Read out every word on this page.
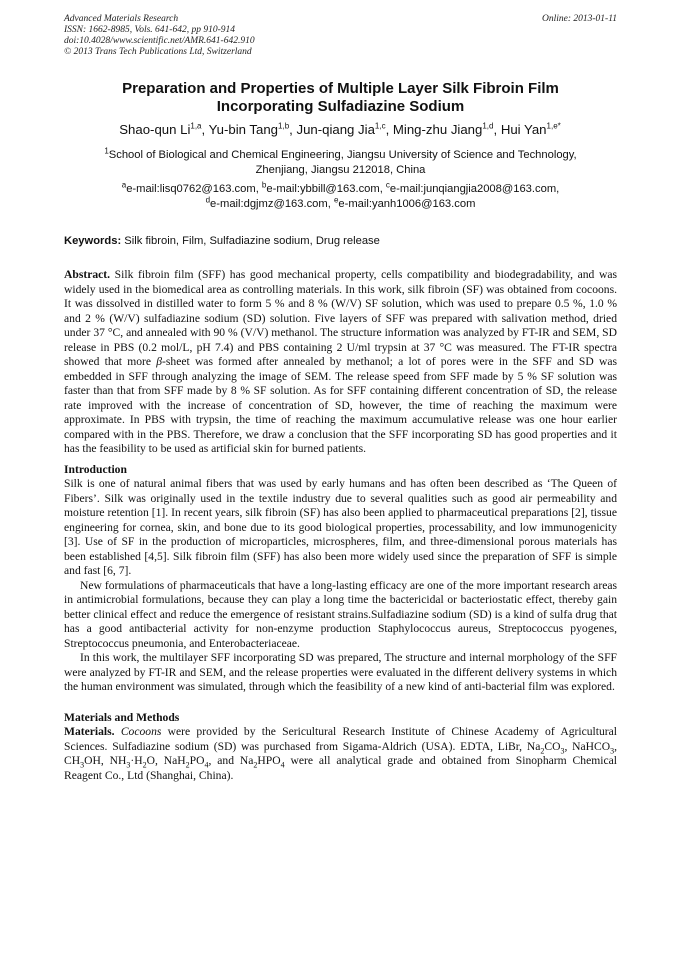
Advanced Materials Research
ISSN: 1662-8985, Vols. 641-642, pp 910-914
doi:10.4028/www.scientific.net/AMR.641-642.910
© 2013 Trans Tech Publications Ltd, Switzerland
Online: 2013-01-11
Preparation and Properties of Multiple Layer Silk Fibroin Film
Incorporating Sulfadiazine Sodium
Shao-qun Li$^{1,a}$, Yu-bin Tang$^{1,b}$, Jun-qiang Jia$^{1,c}$, Ming-zhu Jiang$^{1,d}$, Hui Yan$^{1,e*}$
$^1$School of Biological and Chemical Engineering, Jiangsu University of Science and Technology,
Zhenjiang, Jiangsu 212018, China
$^a$e-mail:lisq0762@163.com, $^b$e-mail:ybbill@163.com, $^c$e-mail:junqiangjia2008@163.com,
$^d$e-mail:dgjmz@163.com, $^e$e-mail:yanh1006@163.com
Keywords: Silk fibroin, Film, Sulfadiazine sodium, Drug release

Abstract. Silk fibroin film (SFF) has good mechanical property, cells compatibility and biodegradability, and was widely used in the biomedical area as controlling materials. In this work, silk fibroin (SF) was obtained from cocoons. It was dissolved in distilled water to form 5 % and 8 % (W/V) SF solution, which was used to prepare 0.5 %, 1.0 % and 2 % (W/V) sulfadiazine sodium (SD) solution. Five layers of SFF was prepared with salivation method, dried under 37 °C, and annealed with 90 % (V/V) methanol. The structure information was analyzed by FT-IR and SEM, SD release in PBS (0.2 mol/L, pH 7.4) and PBS containing 2 U/ml trypsin at 37 °C was measured. The FT-IR spectra showed that more β-sheet was formed after annealed by methanol; a lot of pores were in the SFF and SD was embedded in SFF through analyzing the image of SEM. The release speed from SFF made by 5 % SF solution was faster than that from SFF made by 8 % SF solution. As for SFF containing different concentration of SD, the release rate improved with the increase of concentration of SD, however, the time of reaching the maximum were approximate. In PBS with trypsin, the time of reaching the maximum accumulative release was one hour earlier compared with in the PBS. Therefore, we draw a conclusion that the SFF incorporating SD has good properties and it has the feasibility to be used as artificial skin for burned patients.

Introduction

Silk is one of natural animal fibers that was used by early humans and has often been described as ‘The Queen of Fibers’. Silk was originally used in the textile industry due to several qualities such as good air permeability and moisture retention [1]. In recent years, silk fibroin (SF) has also been applied to pharmaceutical preparations [2], tissue engineering for cornea, skin, and bone due to its good biological properties, processability, and low immunogenicity [3]. Use of SF in the production of microparticles, microspheres, film, and three-dimensional porous materials has been established [4,5]. Silk fibroin film (SFF) has also been more widely used since the preparation of SFF is simple and fast [6, 7].

New formulations of pharmaceuticals that have a long-lasting efficacy are one of the more important research areas in antimicrobial formulations, because they can play a long time the bactericidal or bacteriostatic effect, thereby gain better clinical effect and reduce the emergence of resistant strains.Sulfadiazine sodium (SD) is a kind of sulfa drug that has a good antibacterial activity for non-enzyme production Staphylococcus aureus, Streptococcus pyogenes, Streptococcus pneumonia, and Enterobacteriaceae.

In this work, the multilayer SFF incorporating SD was prepared, The structure and internal morphology of the SFF were analyzed by FT-IR and SEM, and the release properties were evaluated in the different delivery systems in which the human environment was simulated, through which the feasibility of a new kind of anti-bacterial film was explored.

Materials and Methods

Materials. Cocoons were provided by the Sericultural Research Institute of Chinese Academy of Agricultural Sciences. Sulfadiazine sodium (SD) was purchased from Sigama-Aldrich (USA). EDTA, LiBr, $Na_2CO_3$, NaHCO$_3$, $CH_3OH$, $NH_3\cdot H_2O$, $NaH_2PO_4$, and $Na_2HPO_4$ were all analytical grade and obtained from Sinopharm Chemical Reagent Co., Ltd (Shanghai, China).
